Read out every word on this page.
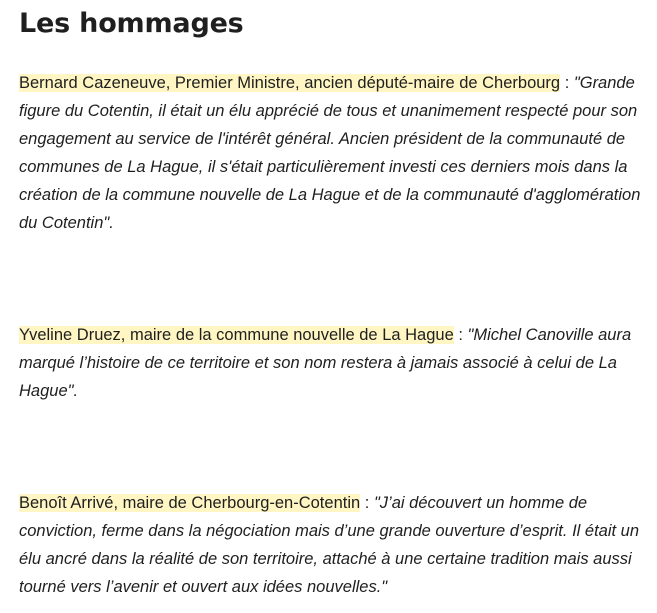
Les hommages

Bernard Cazeneuve, Premier Ministre, ancien député-maire de Cherbourg : "Grande figure du Cotentin, il était un élu apprécié de tous et unanimement respecté pour son engagement au service de l'intérêt général. Ancien président de la communauté de communes de La Hague, il s'était particulièrement investi ces derniers mois dans la création de la commune nouvelle de La Hague et de la communauté d'agglomération du Cotentin".

Yveline Druez, maire de la commune nouvelle de La Hague : "Michel Canoville aura marqué l’histoire de ce territoire et son nom restera à jamais associé à celui de La Hague".

Benoît Arrivé, maire de Cherbourg-en-Cotentin : "J’ai découvert un homme de conviction, ferme dans la négociation mais d’une grande ouverture d’esprit. Il était un élu ancré dans la réalité de son territoire, attaché à une certaine tradition mais aussi tourné vers l’avenir et ouvert aux idées nouvelles."
